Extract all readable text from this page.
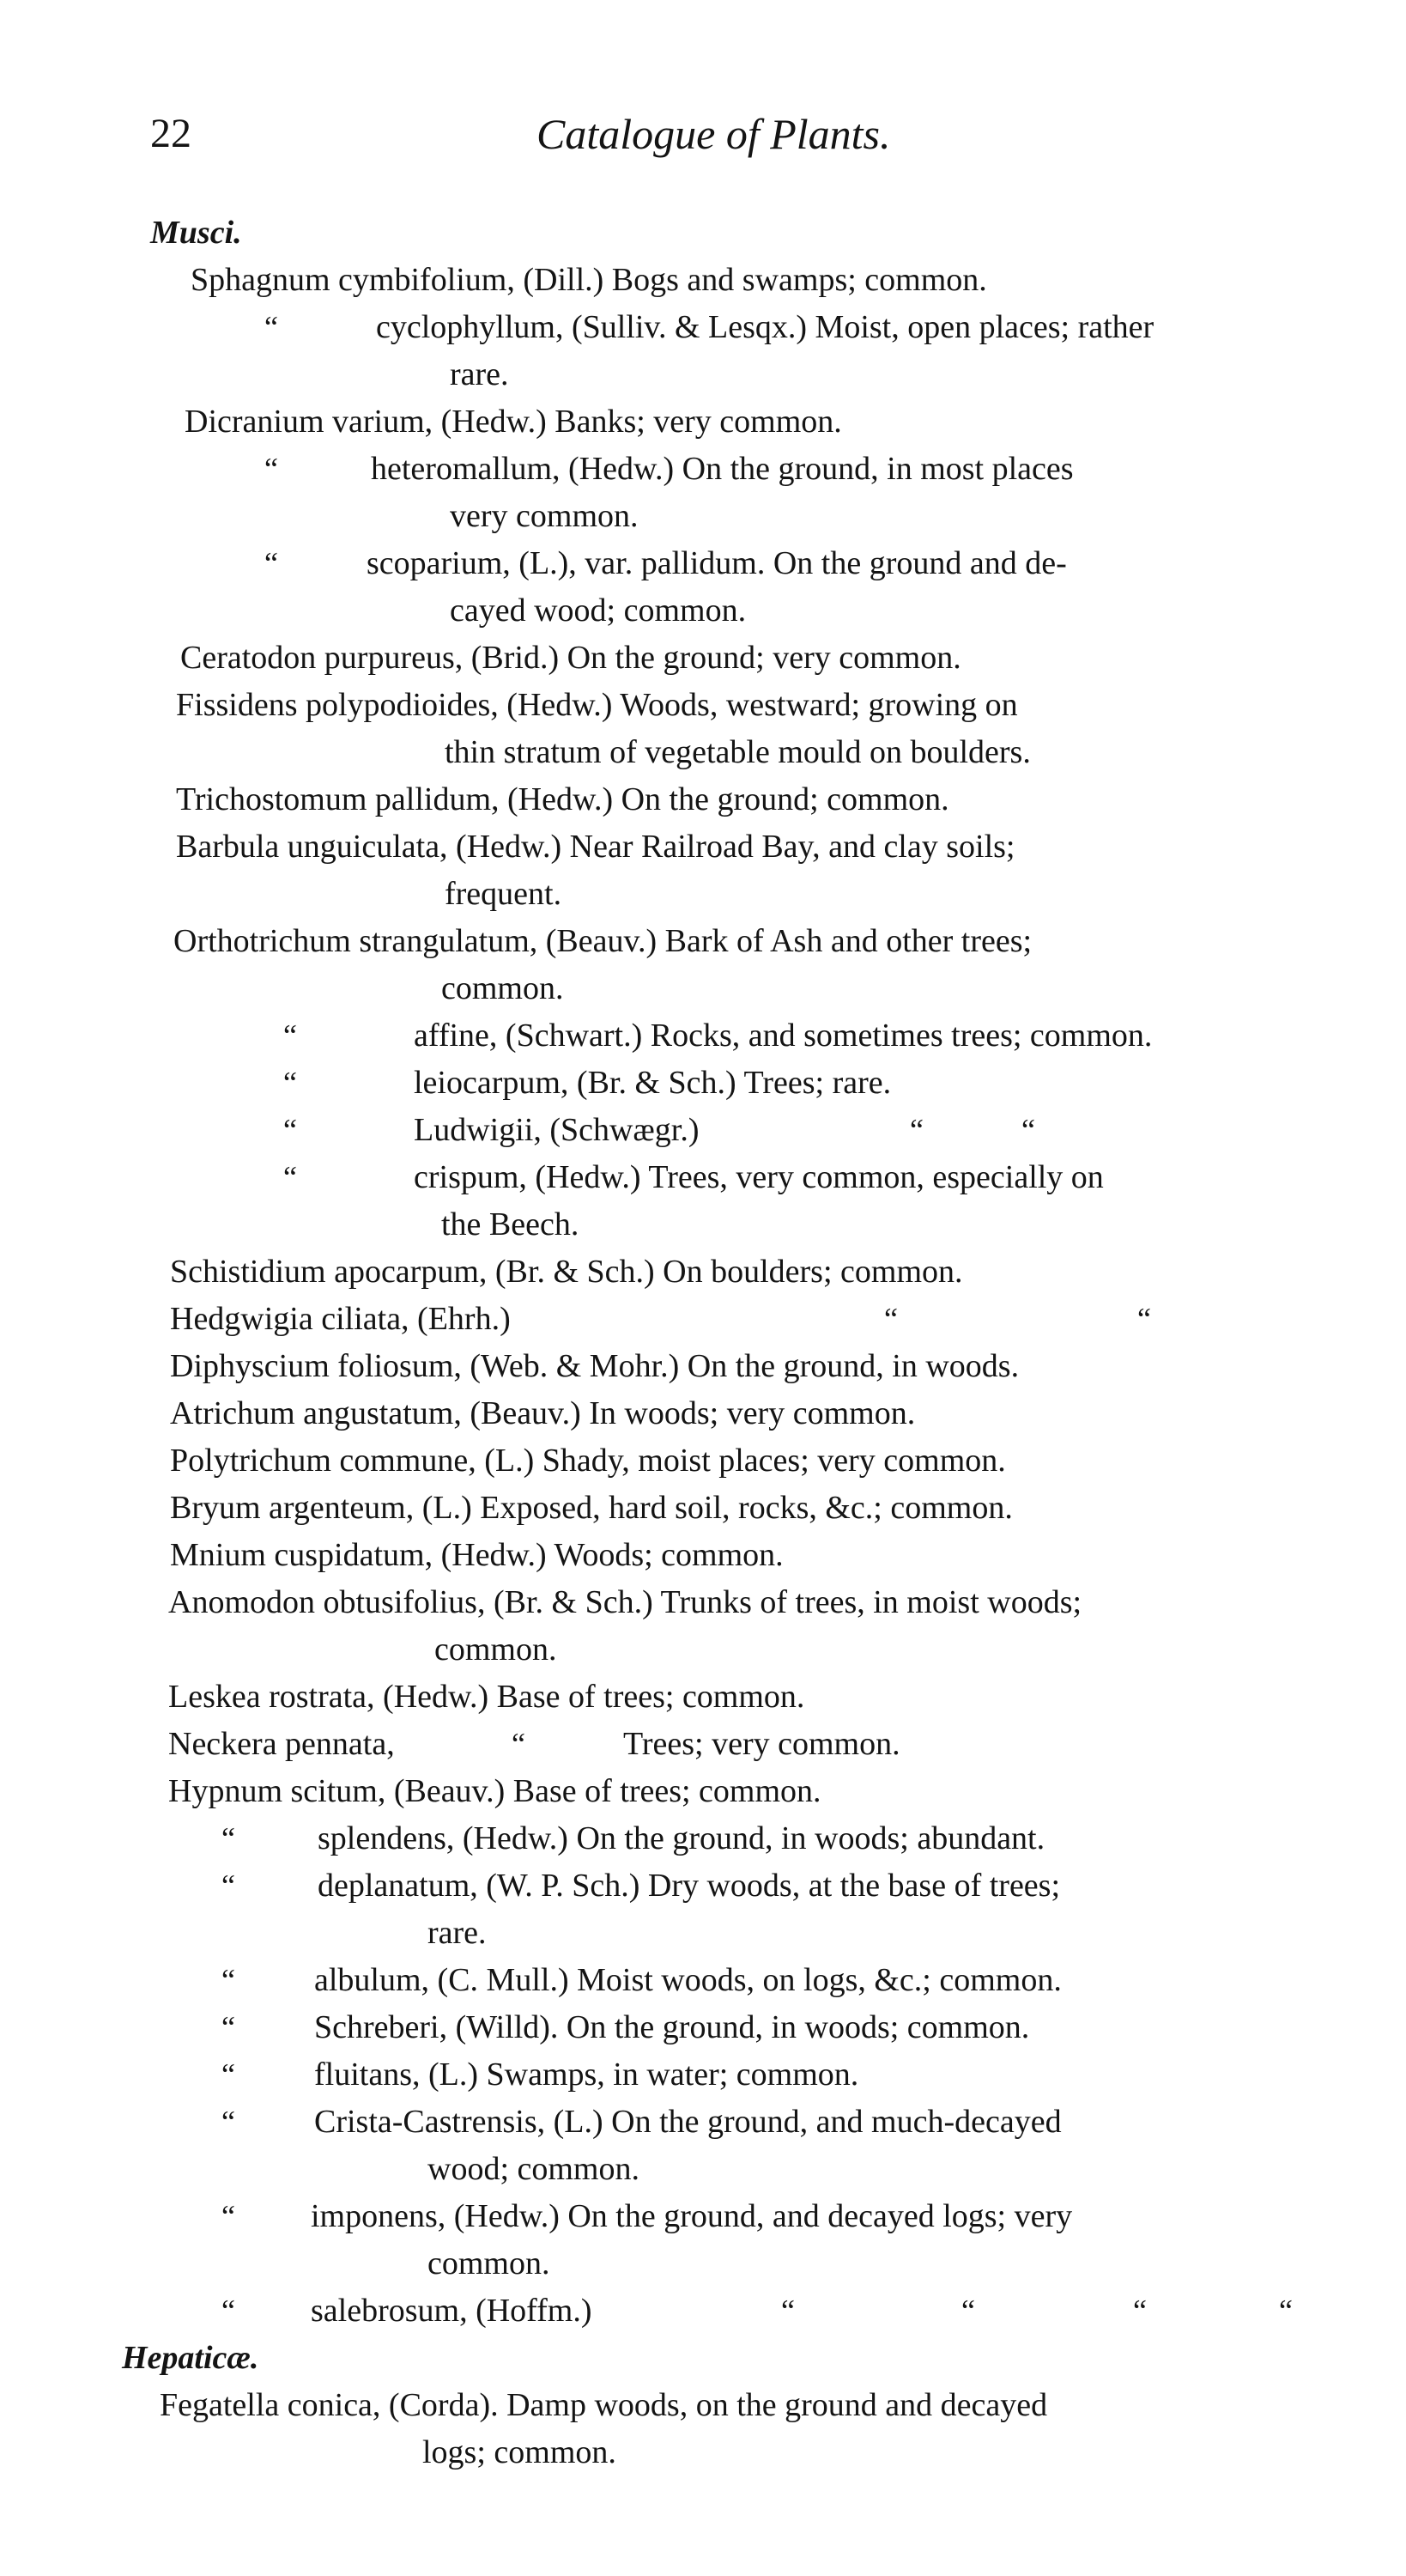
22	Catalogue of Plants.
Musci.
Sphagnum cymbifolium, (Dill.) Bogs and swamps; common.
“	cyclophyllum, (Sulliv. & Lesqx.) Moist, open places; rather
rare.
Dicranium varium, (Hedw.) Banks; very common.
“	heteromallum, (Hedw.) On the ground, in most places
very common.
“	scoparium, (L.), var. pallidum. On the ground and de-
cayed wood; common.
Ceratodon purpureus, (Brid.) On the ground; very common.
Fissidens polypodioides, (Hedw.) Woods, westward; growing on
thin stratum of vegetable mould on boulders.
Trichostomum pallidum, (Hedw.) On the ground; common.
Barbula unguiculata, (Hedw.) Near Railroad Bay, and clay soils;
frequent.
Orthotrichum strangulatum, (Beauv.) Bark of Ash and other trees;
common.
“	affine, (Schwart.) Rocks, and sometimes trees; common.
“	leiocarpum, (Br. & Sch.) Trees; rare.
“	Ludwigii, (Schwægr.)	“	“
“	crispum, (Hedw.) Trees, very common, especially on
the Beech.
Schistidium apocarpum, (Br. & Sch.) On boulders; common.
Hedgwigia ciliata, (Ehrh.)	“	“
Diphyscium foliosum, (Web. & Mohr.) On the ground, in woods.
Atrichum angustatum, (Beauv.) In woods; very common.
Polytrichum commune, (L.) Shady, moist places; very common.
Bryum argenteum, (L.) Exposed, hard soil, rocks, &c.; common.
Mnium cuspidatum, (Hedw.) Woods; common.
Anomodon obtusifolius, (Br. & Sch.) Trunks of trees, in moist woods;
common.
Leskea rostrata, (Hedw.) Base of trees; common.
Neckera pennata,	“	Trees; very common.
Hypnum scitum, (Beauv.) Base of trees; common.
“	splendens, (Hedw.) On the ground, in woods; abundant.
“	deplanatum, (W. P. Sch.) Dry woods, at the base of trees;
rare.
“ albulum, (C. Mull.) Moist woods, on logs, &c.; common.
“ Schreberi, (Willd). On the ground, in woods; common.
“ fluitans, (L.) Swamps, in water; common.
“ Crista-Castrensis, (L.) On the ground, and much-decayed
wood; common.
“ imponens, (Hedw.) On the ground, and decayed logs; very
common.
“ salebrosum, (Hoffm.)	“	“	“	“
Hepaticæ.
Fegatella conica, (Corda). Damp woods, on the ground and decayed
logs; common.
